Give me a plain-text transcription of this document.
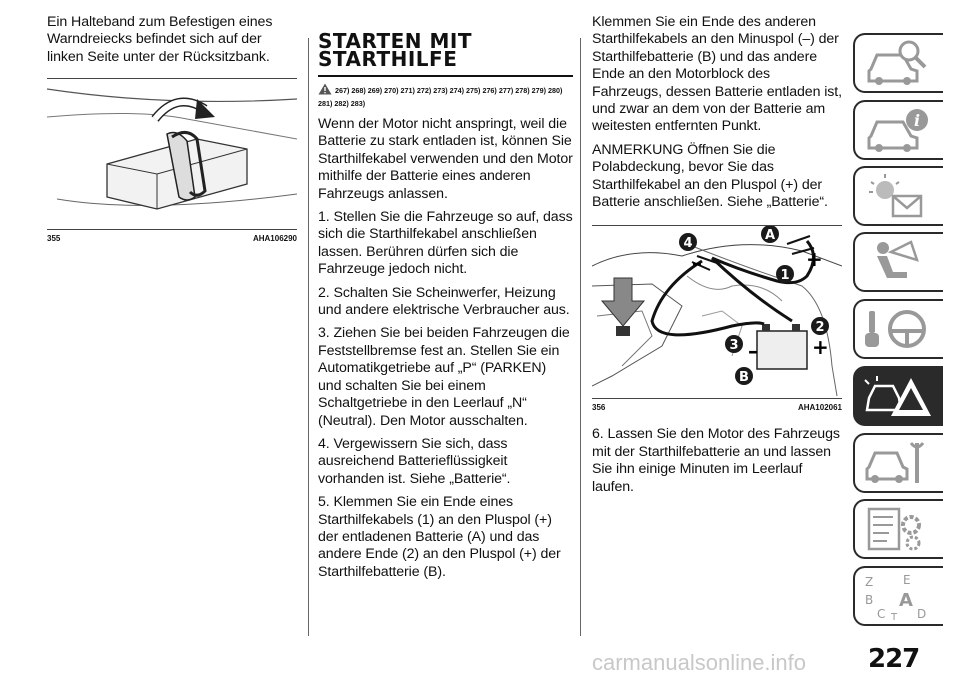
Ein Halteband zum Befestigen eines Warndreiecks befindet sich auf der linken Seite unter der Rücksitzbank.

355	AHA106290
STARTEN MIT STARTHILFE
267) 268) 269) 270) 271) 272) 273) 274) 275) 276) 277) 278) 279) 280) 281) 282) 283)

Wenn der Motor nicht anspringt, weil die Batterie zu stark entladen ist, können Sie Starthilfekabel verwenden und den Motor mithilfe der Batterie eines anderen Fahrzeugs anlassen.

1. Stellen Sie die Fahrzeuge so auf, dass sich die Starthilfekabel anschließen lassen. Berühren dürfen sich die Fahrzeuge jedoch nicht.

2. Schalten Sie Scheinwerfer, Heizung und andere elektrische Verbraucher aus.

3. Ziehen Sie bei beiden Fahrzeugen die Feststellbremse fest an. Stellen Sie ein Automatikgetriebe auf „P“ (PARKEN) und schalten Sie bei einem Schaltgetriebe in den Leerlauf „N“ (Neutral). Den Motor ausschalten.

4. Vergewissern Sie sich, dass ausreichend Batterieflüssigkeit vorhanden ist. Siehe „Batterie“.

5. Klemmen Sie ein Ende eines Starthilfekabels (1) an den Pluspol (+) der entladenen Batterie (A) und das andere Ende (2) an den Pluspol (+) der Starthilfebatterie (B).

Klemmen Sie ein Ende des anderen Starthilfekabels an den Minuspol (–) der Starthilfebatterie (B) und das andere Ende an den Motorblock des Fahrzeugs, dessen Batterie entladen ist, und zwar an dem von der Batterie am weitesten entfernten Punkt.

ANMERKUNG Öffnen Sie die Polabdeckung, bevor Sie das Starthilfekabel an den Pluspol (+) der Batterie anschließen. Siehe „Batterie“.

A
1
2
3
4
B
+
+
–
–
356	AHA102061

6. Lassen Sie den Motor des Fahrzeugs mit der Starthilfebatterie an und lassen Sie ihn einige Minuten im Leerlauf laufen.

i
Z E
A
B
C	D
T
carmanualsonline.info 227
